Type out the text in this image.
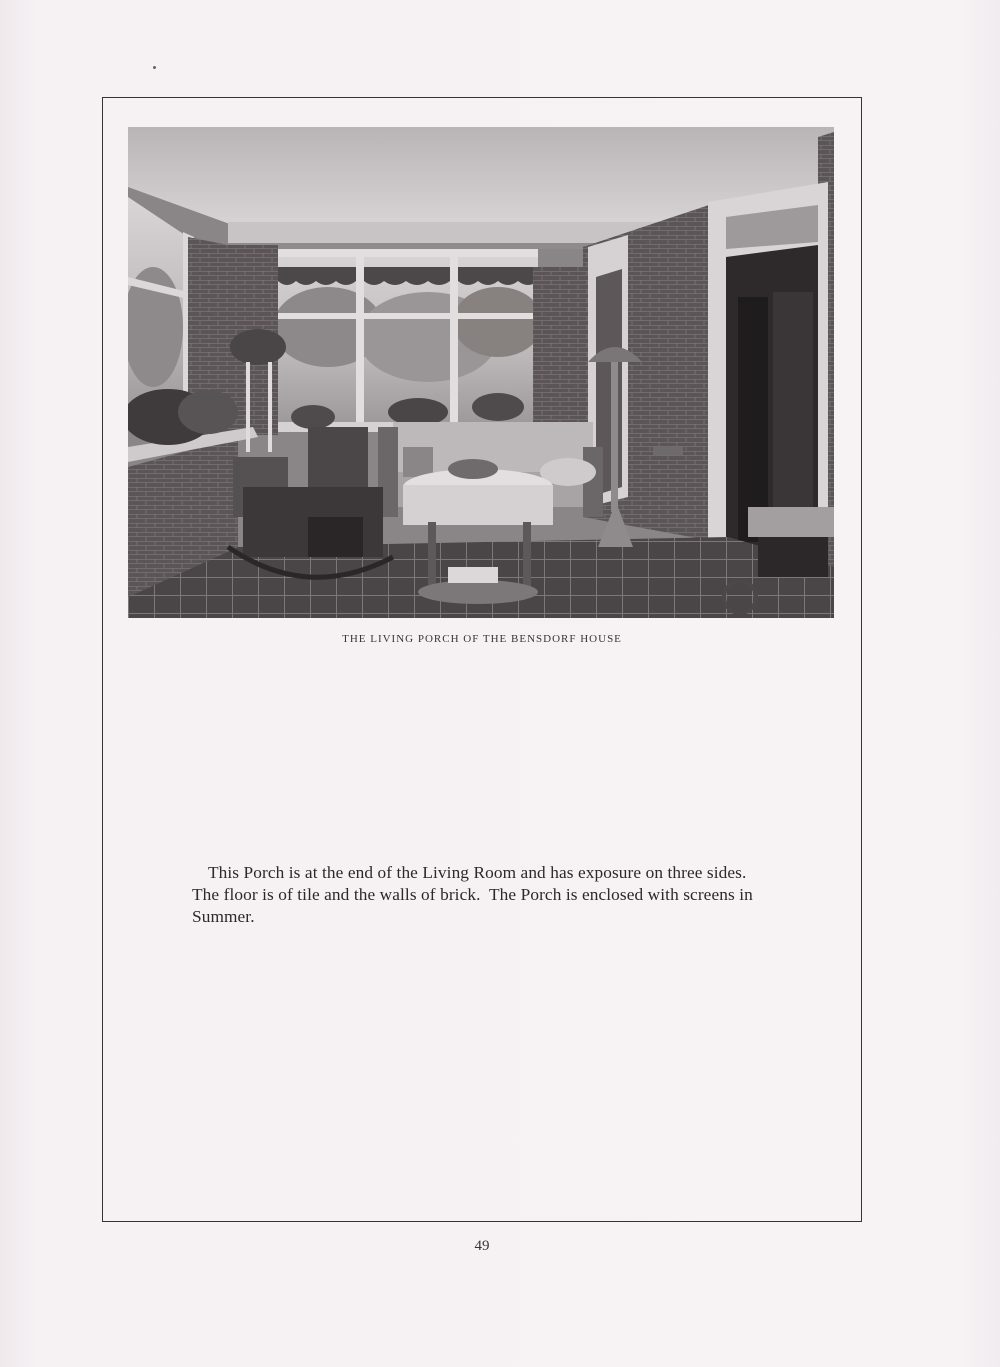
THE LIVING PORCH OF THE BENSDORF HOUSE

This Porch is at the end of the Living Room and has exposure on three sides.  The floor is of tile and the walls of brick.  The Porch is enclosed with screens in Summer.

49
